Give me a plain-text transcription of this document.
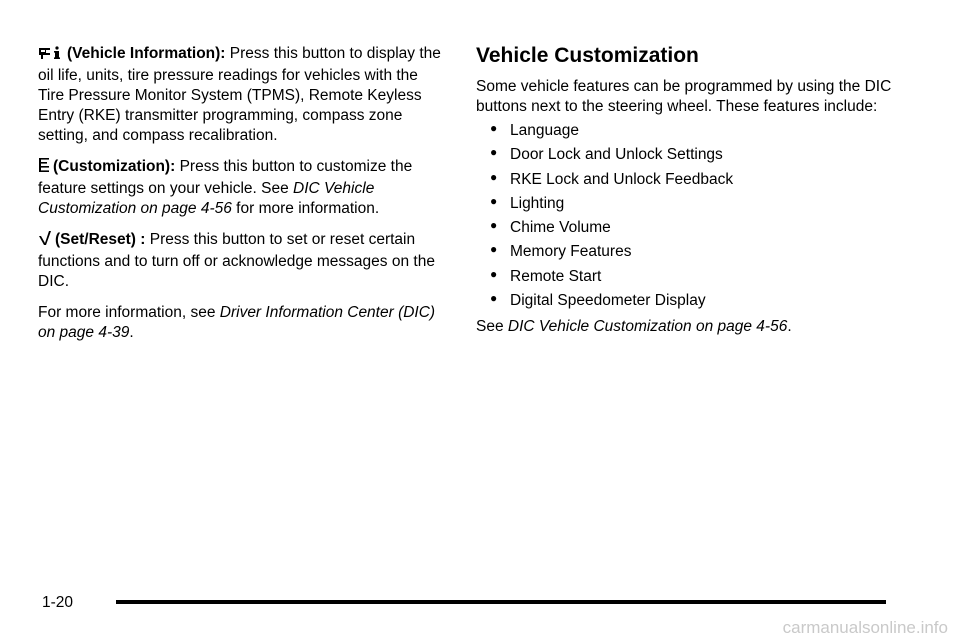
(Vehicle Information): Press this button to display the oil life, units, tire pressure readings for vehicles with the Tire Pressure Monitor System (TPMS), Remote Keyless Entry (RKE) transmitter programming, compass zone setting, and compass recalibration.

(Customization): Press this button to customize the feature settings on your vehicle. See DIC Vehicle Customization on page 4-56 for more information.

(Set/Reset) : Press this button to set or reset certain functions and to turn off or acknowledge messages on the DIC.

For more information, see Driver Information Center (DIC) on page 4-39.

Vehicle Customization

Some vehicle features can be programmed by using the DIC buttons next to the steering wheel. These features include:

● Language
● Door Lock and Unlock Settings
● RKE Lock and Unlock Feedback
● Lighting
● Chime Volume
● Memory Features
● Remote Start
● Digital Speedometer Display

See DIC Vehicle Customization on page 4-56.

1-20
carmanualsonline.info
